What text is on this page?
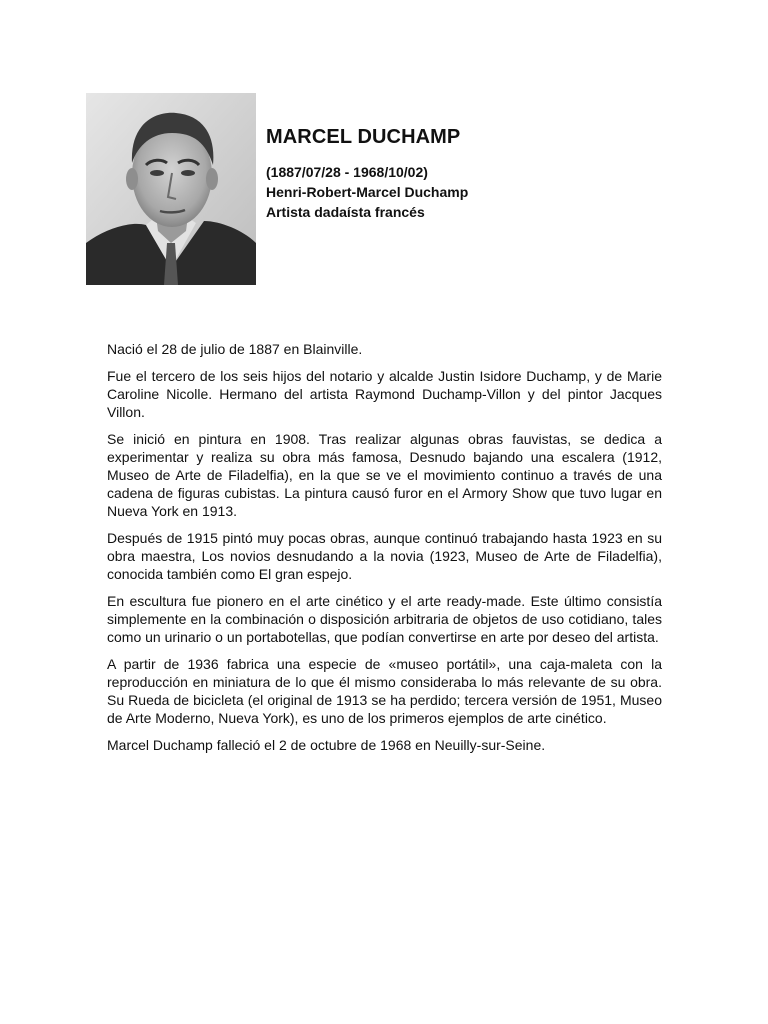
MARCEL DUCHAMP
(1887/07/28 - 1968/10/02)
Henri-Robert-Marcel Duchamp
Artista dadaísta francés

Nació el 28 de julio de 1887 en Blainville.

Fue el tercero de los seis hijos del notario y alcalde Justin Isidore Duchamp, y de Marie Caroline Nicolle. Hermano del artista Raymond Duchamp-Villon y del pintor Jacques Villon.

Se inició en pintura en 1908. Tras realizar algunas obras fauvistas, se dedica a experimentar y realiza su obra más famosa, Desnudo bajando una escalera (1912, Museo de Arte de Filadelfia), en la que se ve el movimiento continuo a través de una cadena de figuras cubistas. La pintura causó furor en el Armory Show que tuvo lugar en Nueva York en 1913.

Después de 1915 pintó muy pocas obras, aunque continuó trabajando hasta 1923 en su obra maestra, Los novios desnudando a la novia (1923, Museo de Arte de Filadelfia), conocida también como El gran espejo.

En escultura fue pionero en el arte cinético y el arte ready-made. Este último consistía simplemente en la combinación o disposición arbitraria de objetos de uso cotidiano, tales como un urinario o un portabotellas, que podían convertirse en arte por deseo del artista.

A partir de 1936 fabrica una especie de «museo portátil», una caja-maleta con la reproducción en miniatura de lo que él mismo consideraba lo más relevante de su obra. Su Rueda de bicicleta (el original de 1913 se ha perdido; tercera versión de 1951, Museo de Arte Moderno, Nueva York), es uno de los primeros ejemplos de arte cinético.

Marcel Duchamp falleció el 2 de octubre de 1968 en Neuilly-sur-Seine.
